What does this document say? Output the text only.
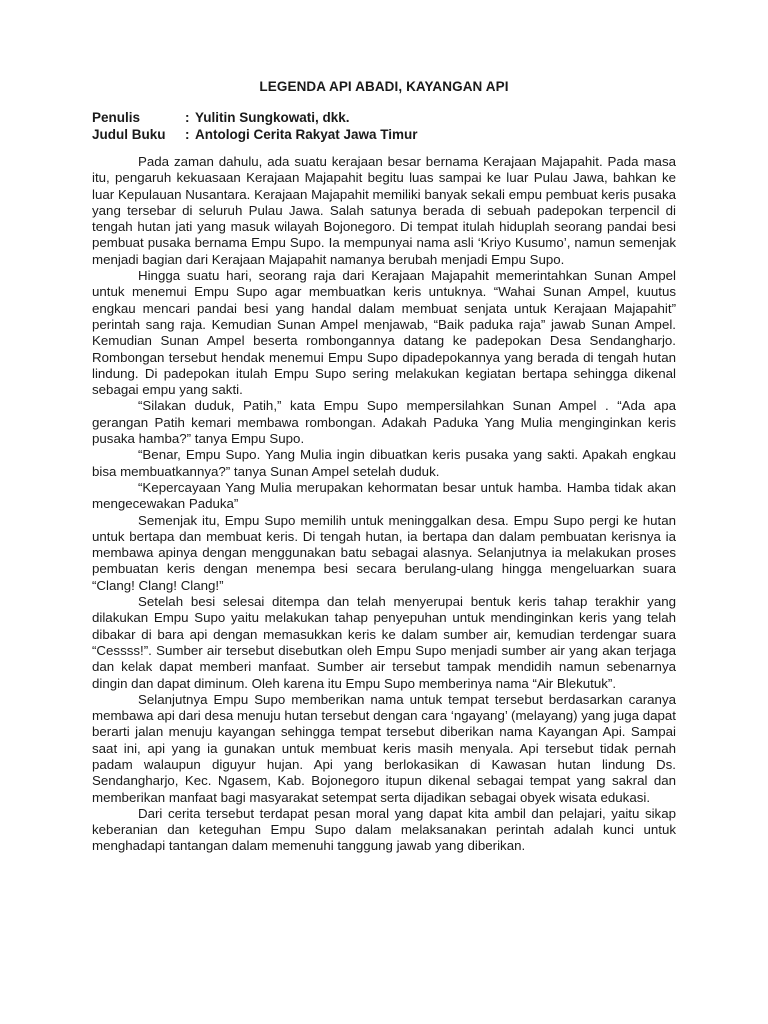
LEGENDA API ABADI, KAYANGAN API
Penulis	: Yulitin Sungkowati, dkk.
Judul Buku	: Antologi Cerita Rakyat Jawa Timur

Pada zaman dahulu, ada suatu kerajaan besar bernama Kerajaan Majapahit. Pada masa itu, pengaruh kekuasaan Kerajaan Majapahit begitu luas sampai ke luar Pulau Jawa, bahkan ke luar Kepulauan Nusantara. Kerajaan Majapahit memiliki banyak sekali empu pembuat keris pusaka yang tersebar di seluruh Pulau Jawa. Salah satunya berada di sebuah padepokan terpencil di tengah hutan jati yang masuk wilayah Bojonegoro. Di tempat itulah hiduplah seorang pandai besi pembuat pusaka bernama Empu Supo. Ia mempunyai nama asli ‘Kriyo Kusumo’, namun semenjak menjadi bagian dari Kerajaan Majapahit namanya berubah menjadi Empu Supo.

Hingga suatu hari, seorang raja dari Kerajaan Majapahit memerintahkan Sunan Ampel untuk menemui Empu Supo agar membuatkan keris untuknya. “Wahai Sunan Ampel, kuutus engkau mencari pandai besi yang handal dalam membuat senjata untuk Kerajaan Majapahit” perintah sang raja. Kemudian Sunan Ampel menjawab, “Baik paduka raja” jawab Sunan Ampel. Kemudian Sunan Ampel beserta rombongannya datang ke padepokan Desa Sendangharjo. Rombongan tersebut hendak menemui Empu Supo dipadepokannya yang berada di tengah hutan lindung. Di padepokan itulah Empu Supo sering melakukan kegiatan bertapa sehingga dikenal sebagai empu yang sakti.

“Silakan duduk, Patih,” kata Empu Supo mempersilahkan Sunan Ampel . “Ada apa gerangan Patih kemari membawa rombongan. Adakah Paduka Yang Mulia menginginkan keris pusaka hamba?” tanya Empu Supo.

“Benar, Empu Supo. Yang Mulia ingin dibuatkan keris pusaka yang sakti. Apakah engkau bisa membuatkannya?” tanya Sunan Ampel setelah duduk.

“Kepercayaan Yang Mulia merupakan kehormatan besar untuk hamba. Hamba tidak akan mengecewakan Paduka”

Semenjak itu, Empu Supo memilih untuk meninggalkan desa. Empu Supo pergi ke hutan untuk bertapa dan membuat keris. Di tengah hutan, ia bertapa dan dalam pembuatan kerisnya ia membawa apinya dengan menggunakan batu sebagai alasnya. Selanjutnya ia melakukan proses pembuatan keris dengan menempa besi secara berulang-ulang hingga mengeluarkan suara “Clang! Clang! Clang!”

Setelah besi selesai ditempa dan telah menyerupai bentuk keris tahap terakhir yang dilakukan Empu Supo yaitu melakukan tahap penyepuhan untuk mendinginkan keris yang telah dibakar di bara api dengan memasukkan keris ke dalam sumber air, kemudian terdengar suara “Cessss!”. Sumber air tersebut disebutkan oleh Empu Supo menjadi sumber air yang akan terjaga dan kelak dapat memberi manfaat. Sumber air tersebut tampak mendidih namun sebenarnya dingin dan dapat diminum. Oleh karena itu Empu Supo memberinya nama “Air Blekutuk”.

Selanjutnya Empu Supo memberikan nama untuk tempat tersebut berdasarkan caranya membawa api dari desa menuju hutan tersebut dengan cara ‘ngayang’ (melayang) yang juga dapat berarti jalan menuju kayangan sehingga tempat tersebut diberikan nama Kayangan Api. Sampai saat ini, api yang ia gunakan untuk membuat keris masih menyala. Api tersebut tidak pernah padam walaupun diguyur hujan. Api yang berlokasikan di Kawasan hutan lindung Ds. Sendangharjo, Kec. Ngasem, Kab. Bojonegoro itupun dikenal sebagai tempat yang sakral dan memberikan manfaat bagi masyarakat setempat serta dijadikan sebagai obyek wisata edukasi.

Dari cerita tersebut terdapat pesan moral yang dapat kita ambil dan pelajari, yaitu sikap keberanian dan keteguhan Empu Supo dalam melaksanakan perintah adalah kunci untuk menghadapi tantangan dalam memenuhi tanggung jawab yang diberikan.
